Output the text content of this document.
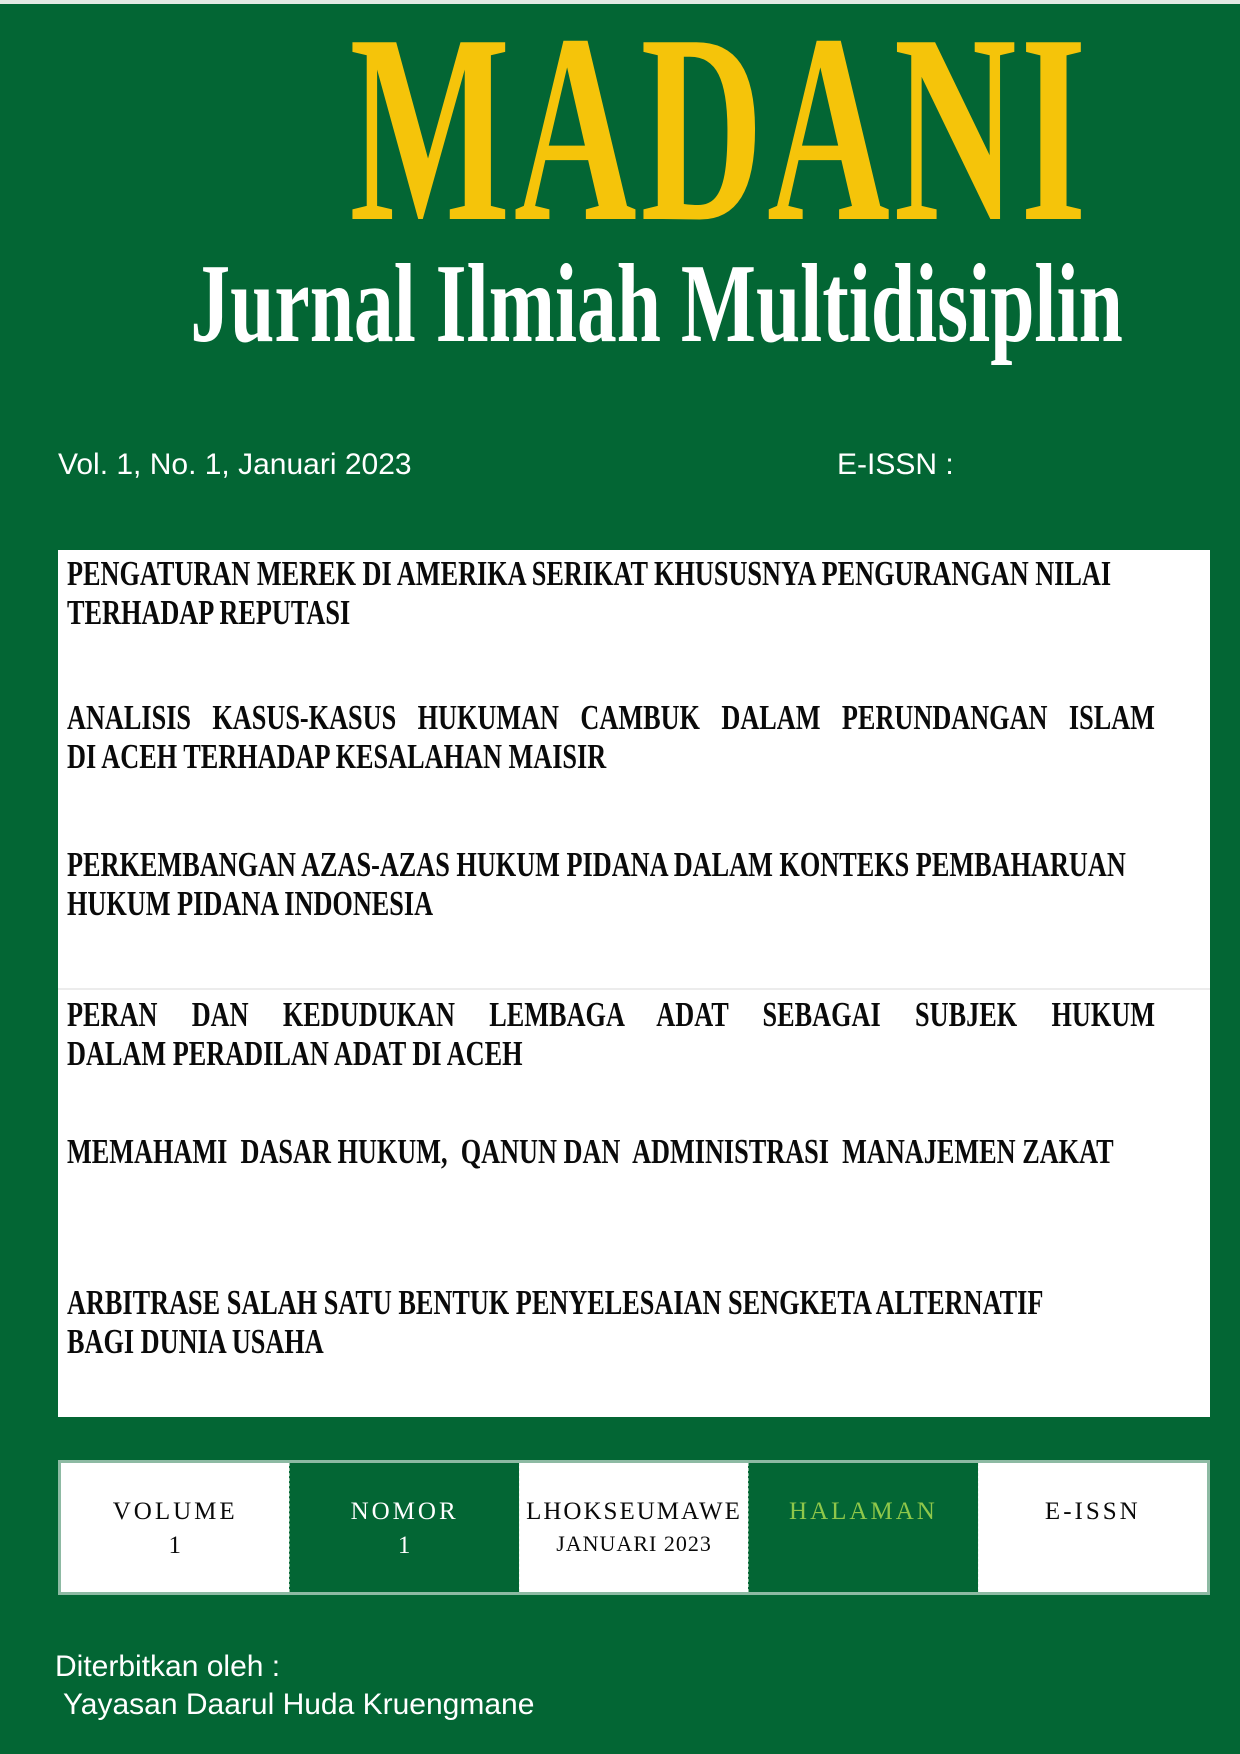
MADANI
Jurnal Ilmiah Multidisiplin
Vol. 1, No. 1, Januari 2023	E-ISSN :
PENGATURAN MEREK DI AMERIKA SERIKAT KHUSUSNYA PENGURANGAN NILAI
TERHADAP REPUTASI
ANALISIS KASUS-KASUS HUKUMAN CAMBUK DALAM PERUNDANGAN ISLAM
DI ACEH TERHADAP KESALAHAN MAISIR
PERKEMBANGAN AZAS-AZAS HUKUM PIDANA DALAM KONTEKS PEMBAHARUAN
HUKUM PIDANA INDONESIA
PERAN DAN KEDUDUKAN LEMBAGA ADAT SEBAGAI SUBJEK HUKUM
DALAM PERADILAN ADAT DI ACEH
MEMAHAMI  DASAR HUKUM,  QANUN DAN  ADMINISTRASI  MANAJEMEN ZAKAT
ARBITRASE SALAH SATU BENTUK PENYELESAIAN SENGKETA ALTERNATIF
BAGI DUNIA USAHA
VOLUME
1
NOMOR
1
LHOKSEUMAWE
JANUARI 2023
HALAMAN	E-ISSN
Diterbitkan oleh :
Yayasan Daarul Huda Kruengmane
